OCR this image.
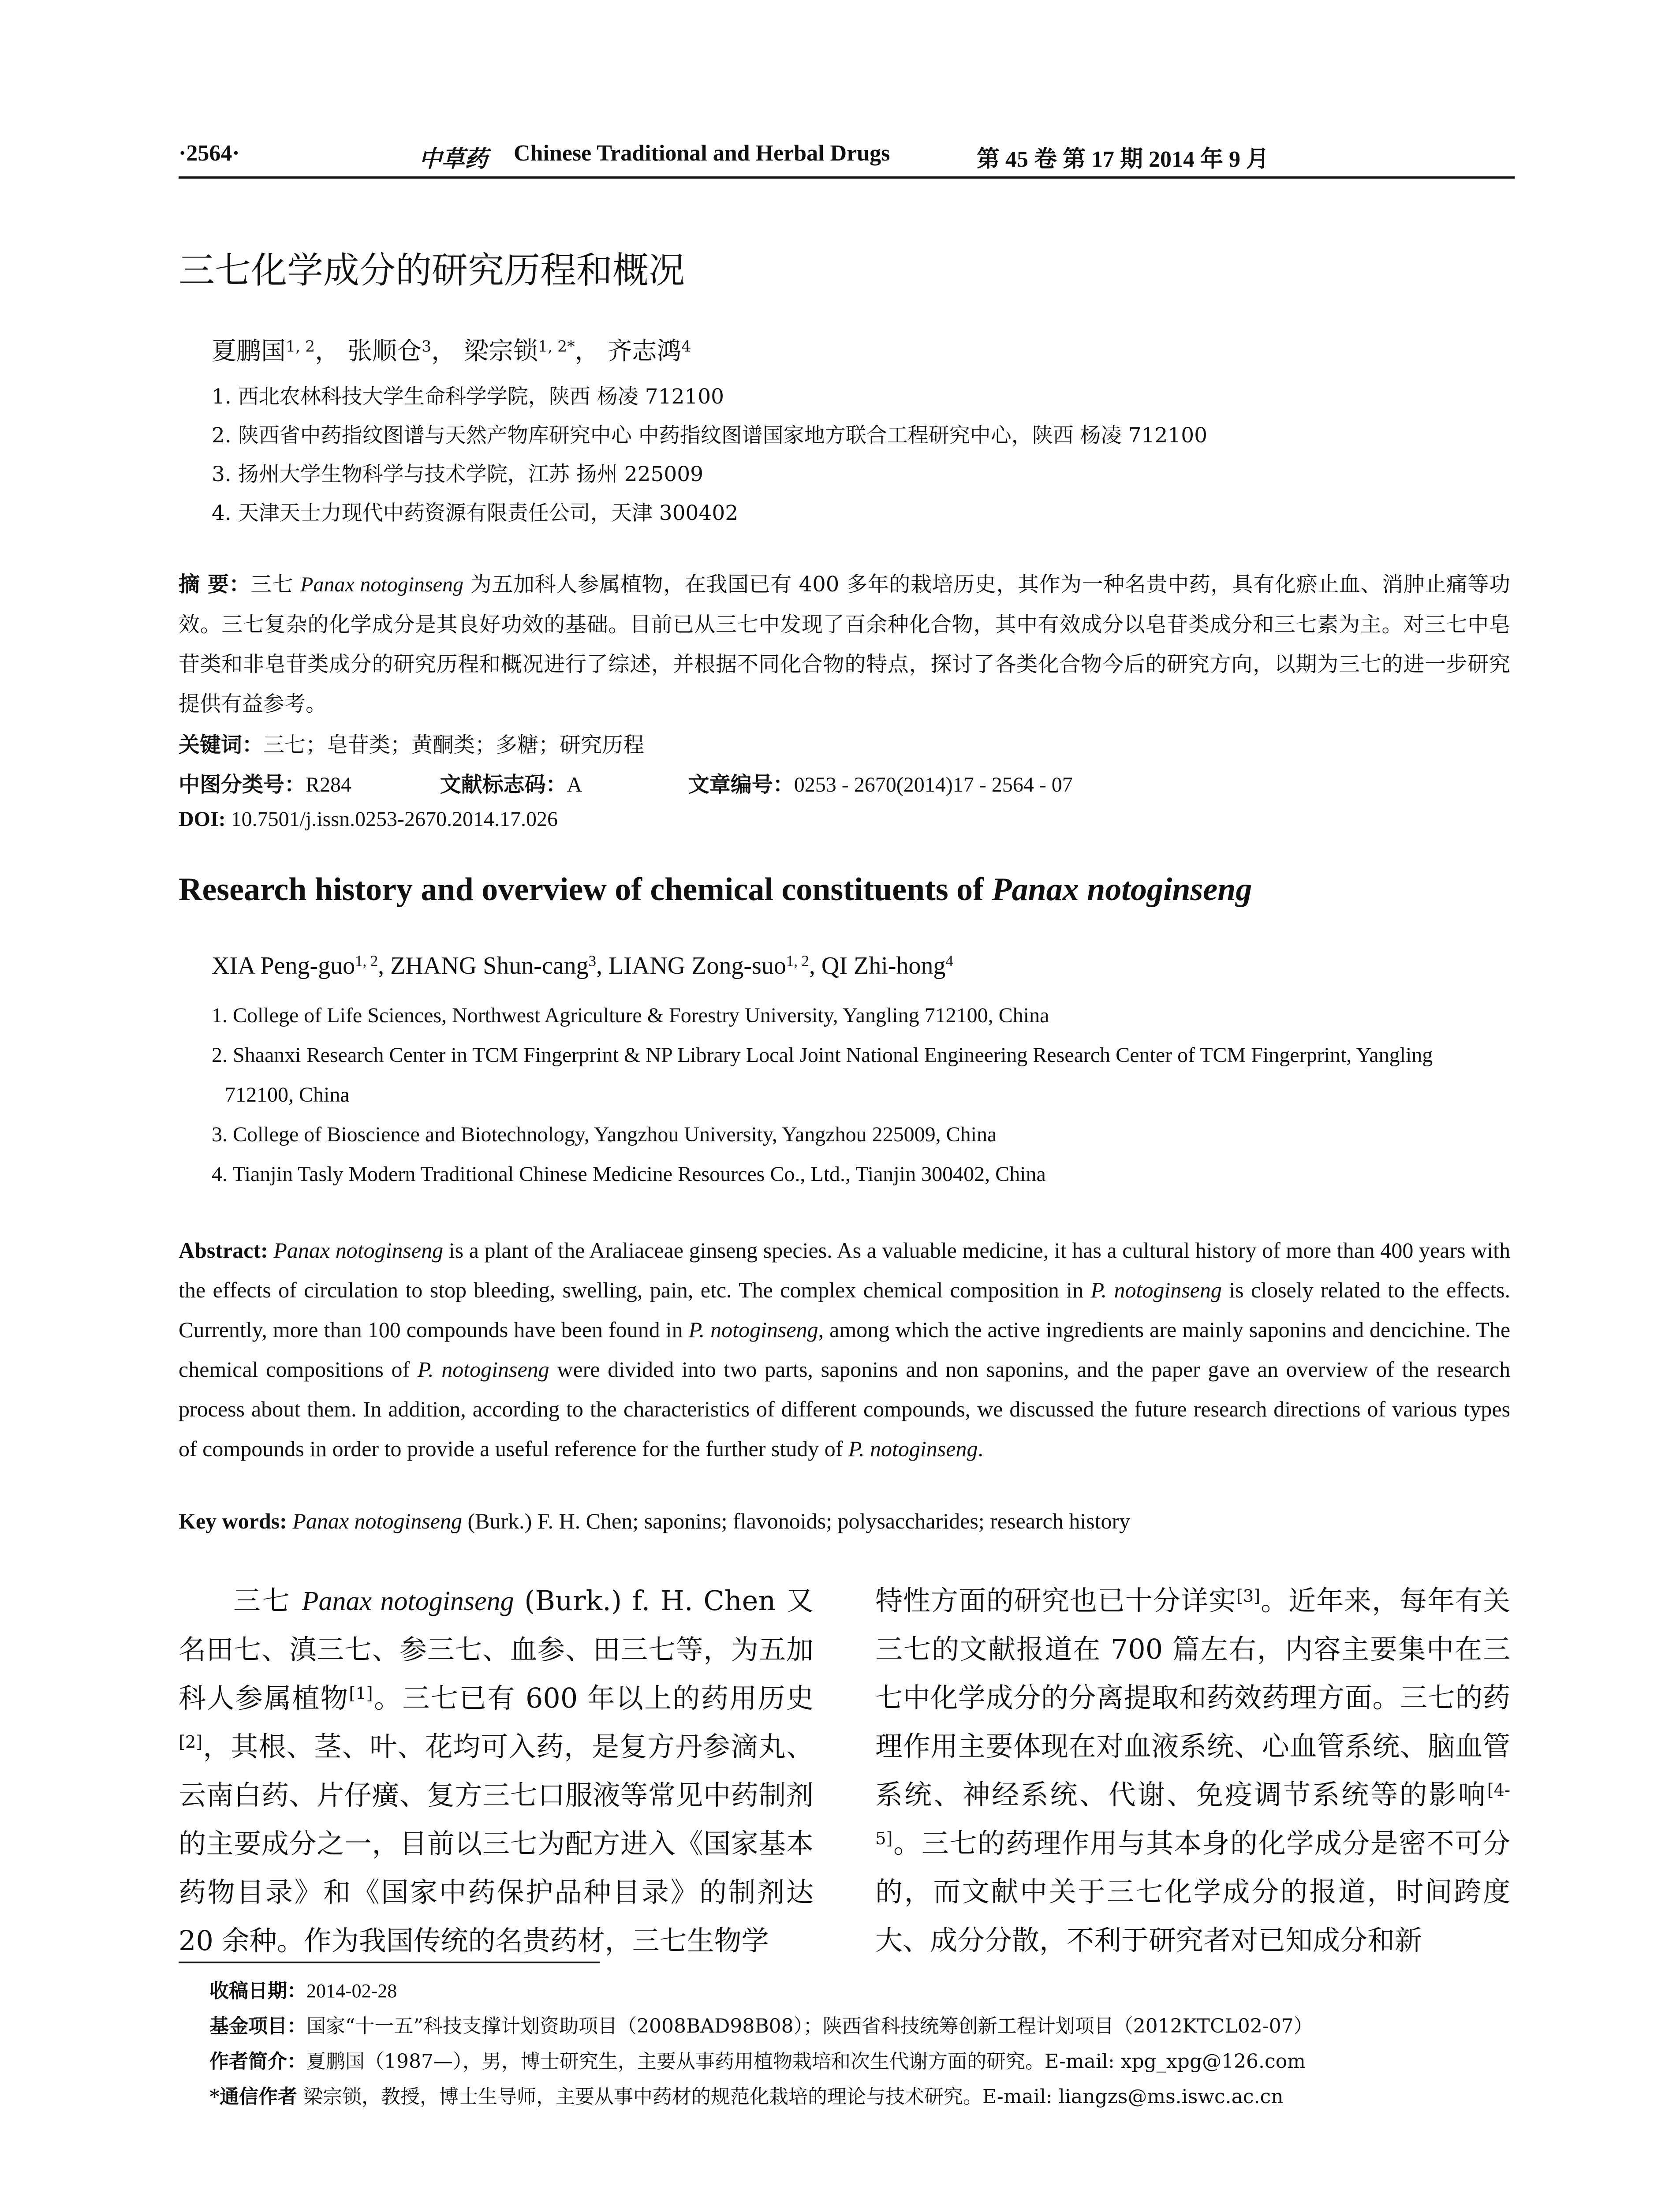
·2564·	中草药 Chinese Traditional and Herbal Drugs	第 45 卷 第 17 期 2014 年 9 月
三七化学成分的研究历程和概况
夏鹏国$^{1, 2}$， 张顺仓$^3$， 梁宗锁$^{1, 2*}$， 齐志鸿$^4$
1. 西北农林科技大学生命科学学院，陕西 杨凌 712100
2. 陕西省中药指纹图谱与天然产物库研究中心 中药指纹图谱国家地方联合工程研究中心，陕西 杨凌 712100
3. 扬州大学生物科学与技术学院，江苏 扬州 225009
4. 天津天士力现代中药资源有限责任公司，天津 300402
摘 要：三七 Panax notoginseng 为五加科人参属植物，在我国已有 400 多年的栽培历史，其作为一种名贵中药，具有化瘀止血、消肿止痛等功效。三七复杂的化学成分是其良好功效的基础。目前已从三七中发现了百余种化合物，其中有效成分以皂苷类成分和三七素为主。对三七中皂苷类和非皂苷类成分的研究历程和概况进行了综述，并根据不同化合物的特点，探讨了各类化合物今后的研究方向，以期为三七的进一步研究提供有益参考。
关键词：三七；皂苷类；黄酮类；多糖；研究历程
中图分类号：R284	文献标志码：A	文章编号：0253 - 2670(2014)17 - 2564 - 07
DOI: 10.7501/j.issn.0253-2670.2014.17.026
Research history and overview of chemical constituents of Panax notoginseng
XIA Peng-guo$^{1, 2}$, ZHANG Shun-cang$^3$, LIANG Zong-suo$^{1, 2}$, QI Zhi-hong$^4$
1. College of Life Sciences, Northwest Agriculture & Forestry University, Yangling 712100, China
2. Shaanxi Research Center in TCM Fingerprint & NP Library Local Joint National Engineering Research Center of TCM Fingerprint, Yangling 712100, China
3. College of Bioscience and Biotechnology, Yangzhou University, Yangzhou 225009, China
4. Tianjin Tasly Modern Traditional Chinese Medicine Resources Co., Ltd., Tianjin 300402, China
Abstract: Panax notoginseng is a plant of the Araliaceae ginseng species. As a valuable medicine, it has a cultural history of more than 400 years with the effects of circulation to stop bleeding, swelling, pain, etc. The complex chemical composition in P. notoginseng is closely related to the effects. Currently, more than 100 compounds have been found in P. notoginseng, among which the active ingredients are mainly saponins and dencichine. The chemical compositions of P. notoginseng were divided into two parts, saponins and non saponins, and the paper gave an overview of the research process about them. In addition, according to the characteristics of different compounds, we discussed the future research directions of various types of compounds in order to provide a useful reference for the further study of P. notoginseng.
Key words: Panax notoginseng (Burk.) F. H. Chen; saponins; flavonoids; polysaccharides; research history
三七 Panax notoginseng (Burk.) f. H. Chen 又名田七、滇三七、参三七、血参、田三七等，为五加科人参属植物[1]。三七已有 600 年以上的药用历史[2]，其根、茎、叶、花均可入药，是复方丹参滴丸、云南白药、片仔癀、复方三七口服液等常见中药制剂的主要成分之一，目前以三七为配方进入《国家基本药物目录》和《国家中药保护品种目录》的制剂达 20 余种。作为我国传统的名贵药材，三七生物学
特性方面的研究也已十分详实[3]。近年来，每年有关三七的文献报道在 700 篇左右，内容主要集中在三七中化学成分的分离提取和药效药理方面。三七的药理作用主要体现在对血液系统、心血管系统、脑血管系统、神经系统、代谢、免疫调节系统等的影响[4-5]。三七的药理作用与其本身的化学成分是密不可分的，而文献中关于三七化学成分的报道，时间跨度大、成分分散，不利于研究者对已知成分和新
收稿日期：2014-02-28
基金项目：国家“十一五”科技支撑计划资助项目（2008BAD98B08）；陕西省科技统筹创新工程计划项目（2012KTCL02-07）
作者简介：夏鹏国（1987—），男，博士研究生，主要从事药用植物栽培和次生代谢方面的研究。E-mail: xpg_xpg@126.com
*通信作者 梁宗锁，教授，博士生导师，主要从事中药材的规范化栽培的理论与技术研究。E-mail: liangzs@ms.iswc.ac.cn
